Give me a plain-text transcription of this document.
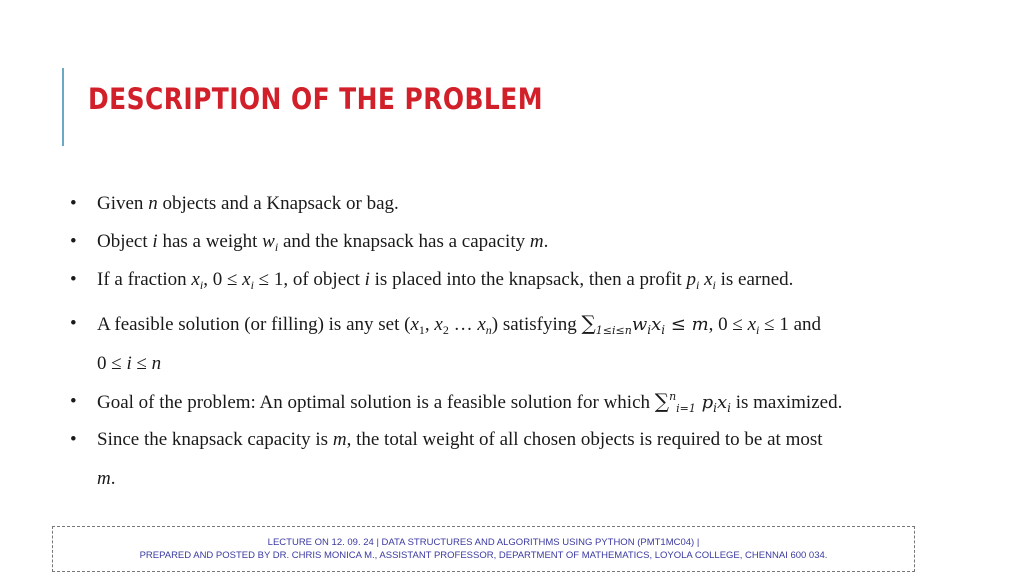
DESCRIPTION OF THE PROBLEM
• Given n objects and a Knapsack or bag.
• Object i has a weight $w_i$ and the knapsack has a capacity m.
• If a fraction $x_i$, $0 \le x_i \le 1$, of object i is placed into the knapsack, then a profit $p_i$ $x_i$ is earned.
• A feasible solution (or filling) is any set ($x_1$, $x_2$ … $x_n$) satisfying $\sum_{1\le i\le n}w_ix_i \le m$, $0 \le x_i \le 1$ and
0 ≤ i ≤ n
• Goal of the problem: An optimal solution is a feasible solution for which ∑$^n_{i=1}$ $p_ix_i$ is maximized.
• Since the knapsack capacity is m, the total weight of all chosen objects is required to be at most
m.
LECTURE ON 12. 09. 24 | DATA STRUCTURES AND ALGORITHMS USING PYTHON (PMT1MC04) |
PREPARED AND POSTED BY DR. CHRIS MONICA M., ASSISTANT PROFESSOR, DEPARTMENT OF MATHEMATICS, LOYOLA COLLEGE, CHENNAI 600 034.
